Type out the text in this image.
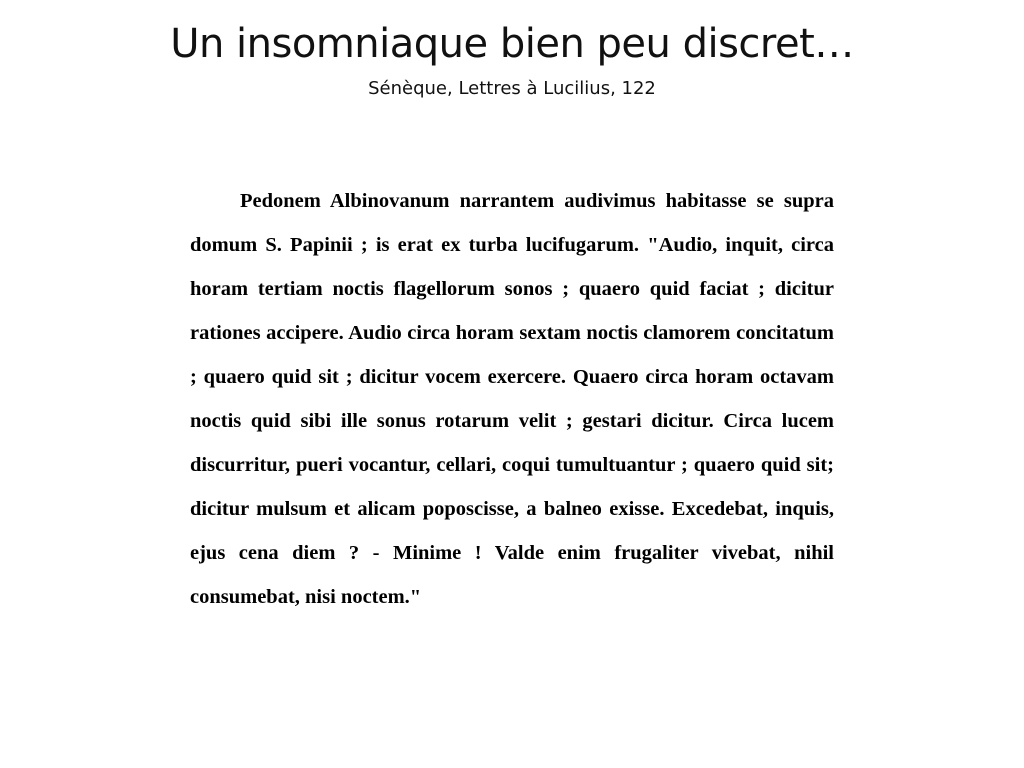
Un insomniaque bien peu discret…
Sénèque, Lettres à Lucilius, 122

Pedonem Albinovanum narrantem audivimus habitasse se supra domum S. Papinii ; is erat ex turba lucifugarum. "Audio, inquit, circa horam tertiam noctis flagellorum sonos ; quaero quid faciat ; dicitur rationes accipere. Audio circa horam sextam noctis clamorem concitatum ; quaero quid sit ; dicitur vocem exercere. Quaero circa horam octavam noctis quid sibi ille sonus rotarum velit ; gestari dicitur. Circa lucem discurritur, pueri vocantur, cellari, coqui tumultuantur ; quaero quid sit; dicitur mulsum et alicam poposcisse, a balneo exisse. Excedebat, inquis, ejus cena diem ? - Minime ! Valde enim frugaliter vivebat, nihil consumebat, nisi noctem."
